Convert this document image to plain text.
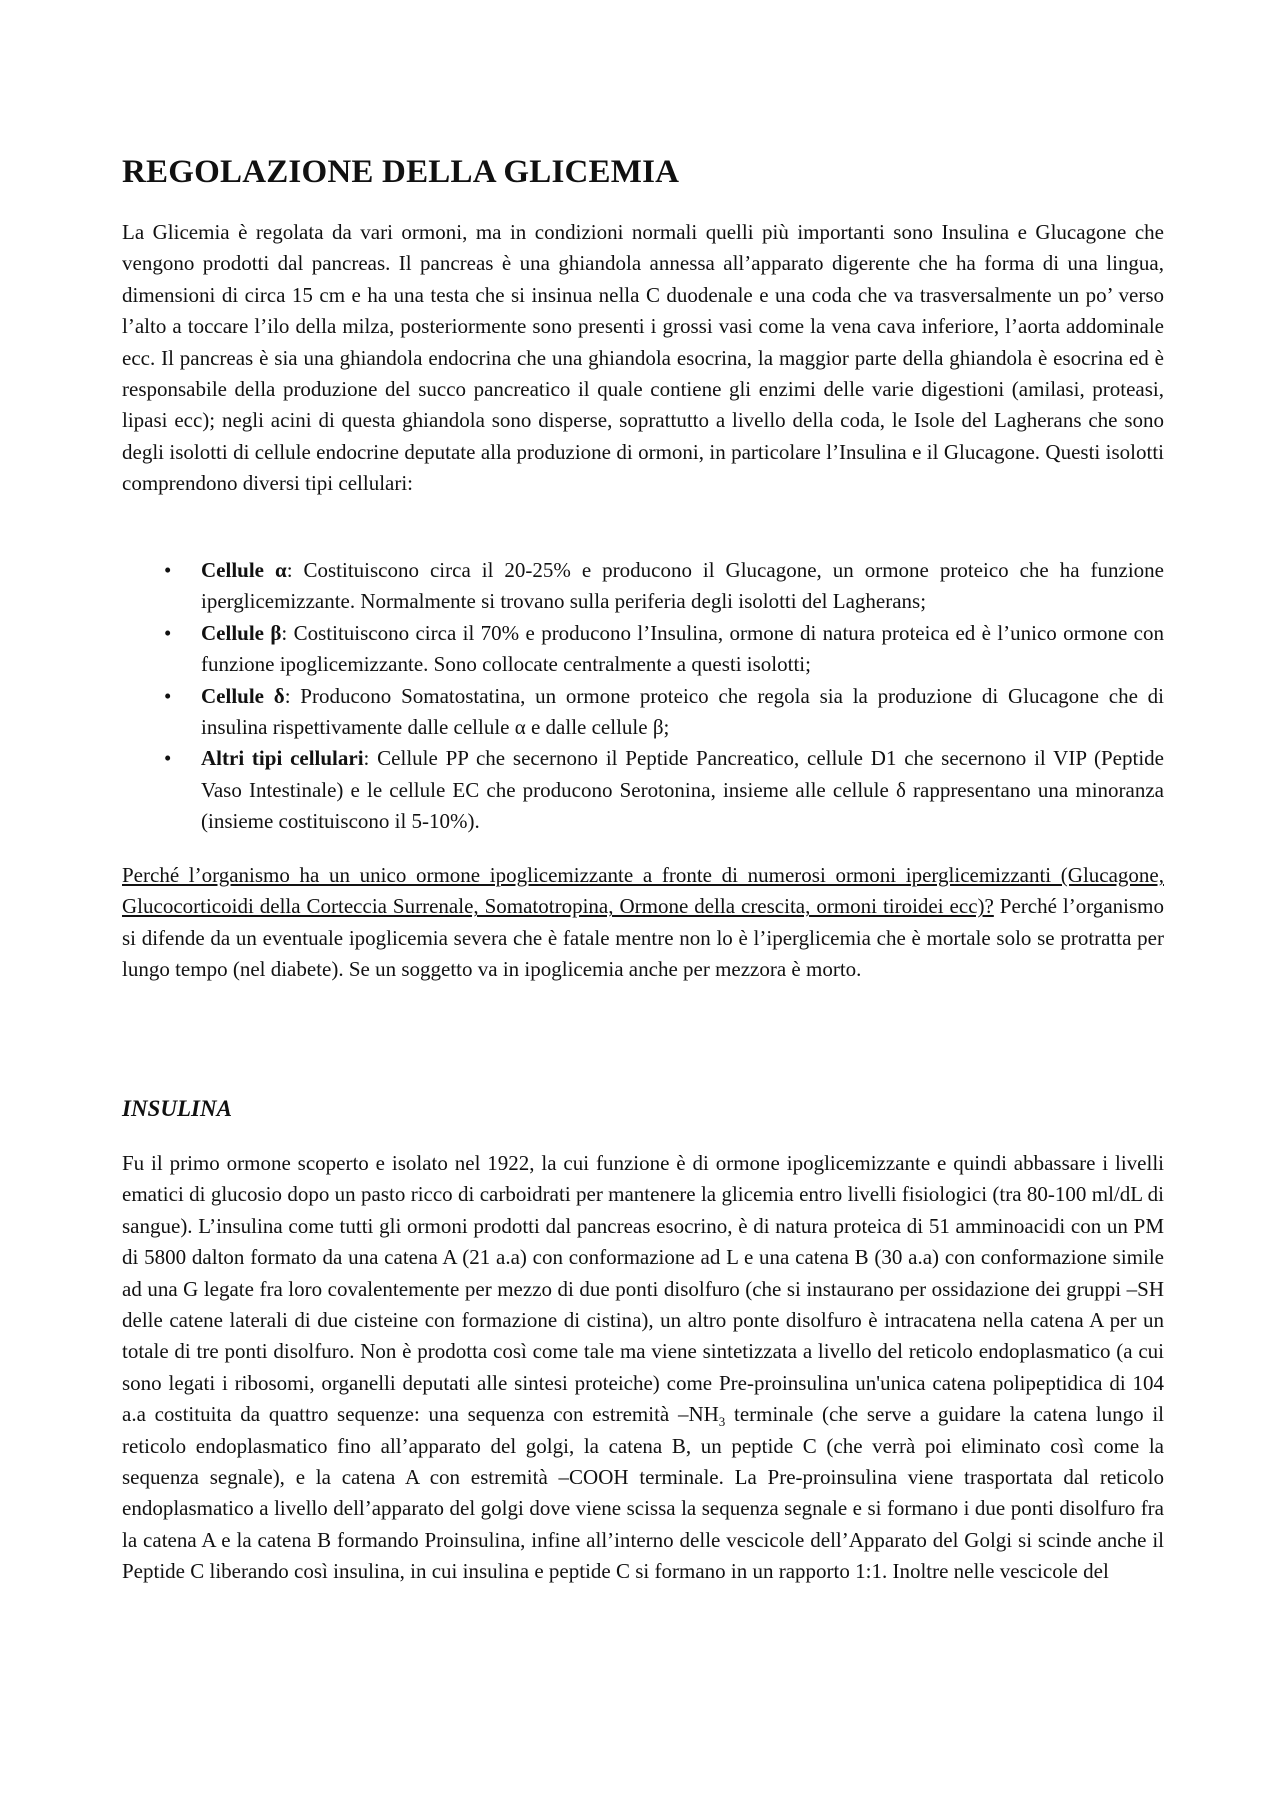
REGOLAZIONE DELLA GLICEMIA

La Glicemia è regolata da vari ormoni, ma in condizioni normali quelli più importanti sono Insulina e Glucagone che vengono prodotti dal pancreas. Il pancreas è una ghiandola annessa all’apparato digerente che ha forma di una lingua, dimensioni di circa 15 cm e ha una testa che si insinua nella C duodenale e una coda che va trasversalmente un po’ verso l’alto a toccare l’ilo della milza, posteriormente sono presenti i grossi vasi come la vena cava inferiore, l’aorta addominale ecc. Il pancreas è sia una ghiandola endocrina che una ghiandola esocrina, la maggior parte della ghiandola è esocrina ed è responsabile della produzione del succo pancreatico il quale contiene gli enzimi delle varie digestioni (amilasi, proteasi, lipasi ecc); negli acini di questa ghiandola sono disperse, soprattutto a livello della coda, le Isole del Lagherans che sono degli isolotti di cellule endocrine deputate alla produzione di ormoni, in particolare l’Insulina e il Glucagone. Questi isolotti comprendono diversi tipi cellulari:

• Cellule α: Costituiscono circa il 20-25% e producono il Glucagone, un ormone proteico che ha funzione iperglicemizzante. Normalmente si trovano sulla periferia degli isolotti del Lagherans;
• Cellule β: Costituiscono circa il 70% e producono l’Insulina, ormone di natura proteica ed è l’unico ormone con funzione ipoglicemizzante. Sono collocate centralmente a questi isolotti;
• Cellule δ: Producono Somatostatina, un ormone proteico che regola sia la produzione di Glucagone che di insulina rispettivamente dalle cellule α e dalle cellule β;
• Altri tipi cellulari: Cellule PP che secernono il Peptide Pancreatico, cellule D1 che secernono il VIP (Peptide Vaso Intestinale) e le cellule EC che producono Serotonina, insieme alle cellule δ rappresentano una minoranza (insieme costituiscono il 5-10%).

Perché l’organismo ha un unico ormone ipoglicemizzante a fronte di numerosi ormoni iperglicemizzanti (Glucagone, Glucocorticoidi della Corteccia Surrenale, Somatotropina, Ormone della crescita, ormoni tiroidei ecc)? Perché l’organismo si difende da un eventuale ipoglicemia severa che è fatale mentre non lo è l’iperglicemia che è mortale solo se protratta per lungo tempo (nel diabete). Se un soggetto va in ipoglicemia anche per mezzora è morto.

INSULINA

Fu il primo ormone scoperto e isolato nel 1922, la cui funzione è di ormone ipoglicemizzante e quindi abbassare i livelli ematici di glucosio dopo un pasto ricco di carboidrati per mantenere la glicemia entro livelli fisiologici (tra 80-100 ml/dL di sangue). L’insulina come tutti gli ormoni prodotti dal pancreas esocrino, è di natura proteica di 51 amminoacidi con un PM di 5800 dalton formato da una catena A (21 a.a) con conformazione ad L e una catena B (30 a.a) con conformazione simile ad una G legate fra loro covalentemente per mezzo di due ponti disolfuro (che si instaurano per ossidazione dei gruppi –SH delle catene laterali di due cisteine con formazione di cistina), un altro ponte disolfuro è intracatena nella catena A per un totale di tre ponti disolfuro. Non è prodotta così come tale ma viene sintetizzata a livello del reticolo endoplasmatico (a cui sono legati i ribosomi, organelli deputati alle sintesi proteiche) come Pre-proinsulina un'unica catena polipeptidica di 104 a.a costituita da quattro sequenze: una sequenza con estremità $-NH_3$ terminale (che serve a guidare la catena lungo il reticolo endoplasmatico fino all’apparato del golgi, la catena B, un peptide C (che verrà poi eliminato così come la sequenza segnale), e la catena A con estremità –COOH terminale. La Pre-proinsulina viene trasportata dal reticolo endoplasmatico a livello dell’apparato del golgi dove viene scissa la sequenza segnale e si formano i due ponti disolfuro fra la catena A e la catena B formando Proinsulina, infine all’interno delle vescicole dell’Apparato del Golgi si scinde anche il Peptide C liberando così insulina, in cui insulina e peptide C si formano in un rapporto 1:1. Inoltre nelle vescicole del
